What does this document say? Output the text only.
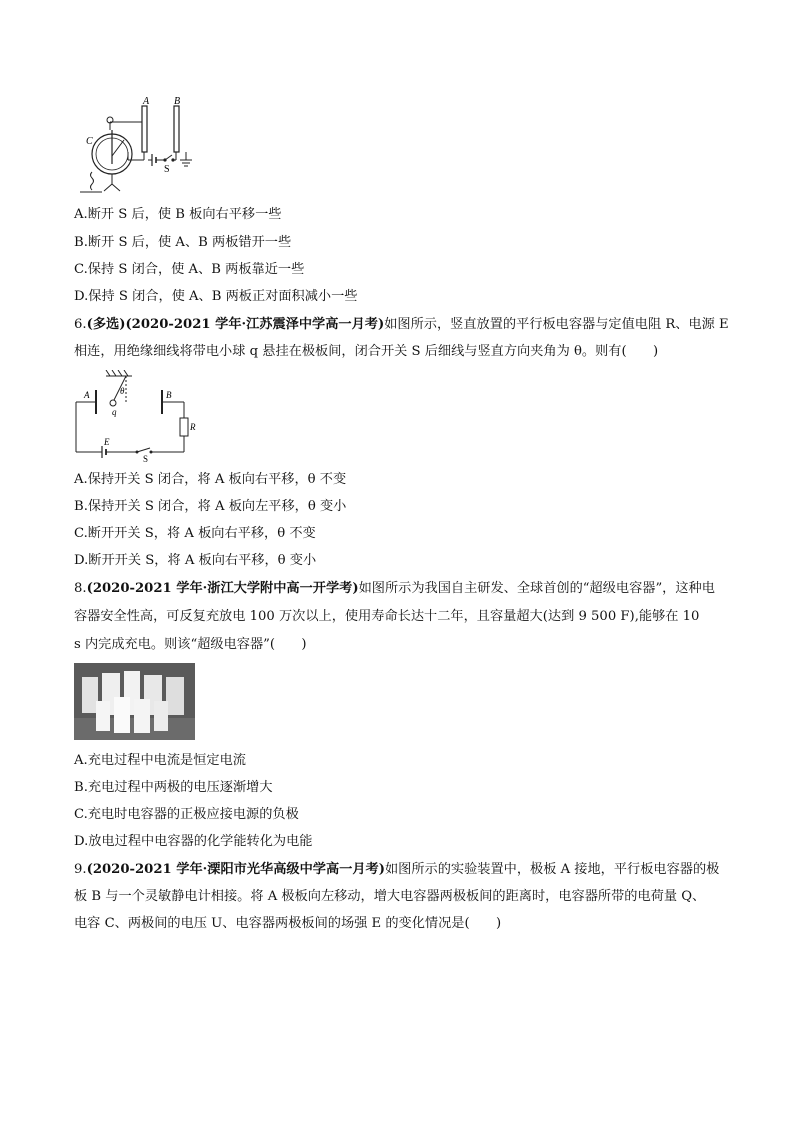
A B
C
S
A.断开 S 后，使 B 板向右平移一些
B.断开 S 后，使 A、B 两板错开一些
C.保持 S 闭合，使 A、B 两板靠近一些
D.保持 S 闭合，使 A、B 两板正对面积减小一些
6.(多选)(2020-2021 学年·江苏震泽中学高一月考)如图所示，竖直放置的平行板电容器与定值电阻 R、电源 E
相连，用绝缘细线将带电小球 q 悬挂在极板间，闭合开关 S 后细线与竖直方向夹角为 θ。则有(　　)
θ
q
A	B
E
S
R
A.保持开关 S 闭合，将 A 板向右平移，θ 不变
B.保持开关 S 闭合，将 A 板向左平移，θ 变小
C.断开开关 S，将 A 板向右平移，θ 不变
D.断开开关 S，将 A 板向右平移，θ 变小
8.(2020-2021 学年·浙江大学附中高一开学考)如图所示为我国自主研发、全球首创的“超级电容器”，这种电
容器安全性高，可反复充放电 100 万次以上，使用寿命长达十二年，且容量超大(达到 9 500 F),能够在 10
s 内完成充电。则该“超级电容器”(　　)
A.充电过程中电流是恒定电流
B.充电过程中两极的电压逐渐增大
C.充电时电容器的正极应接电源的负极
D.放电过程中电容器的化学能转化为电能
9.(2020-2021 学年·溧阳市光华高级中学高一月考)如图所示的实验装置中，极板 A 接地，平行板电容器的极
板 B 与一个灵敏静电计相接。将 A 极板向左移动，增大电容器两极板间的距离时，电容器所带的电荷量 Q、
电容 C、两极间的电压 U、电容器两极板间的场强 E 的变化情况是(　　)
